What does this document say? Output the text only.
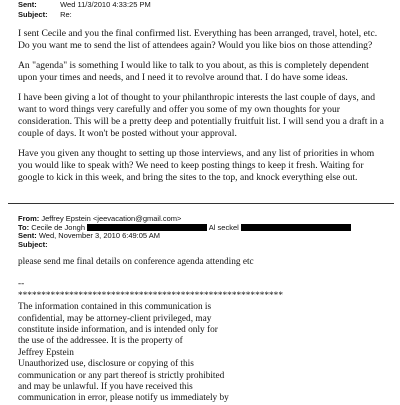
Sent:	Wed 11/3/2010 4:33:25 PM
Subject: Re:

I sent Cecile and you the final confirmed list. Everything has been arranged, travel, hotel, etc. Do you want me to send the list of attendees again? Would you like bios on those attending?

An "agenda" is something I would like to talk to you about, as this is completely dependent upon your times and needs, and I need it to revolve around that. I do have some ideas.

I have been giving a lot of thought to your philanthropic interests the last couple of days, and want to word things very carefully and offer you some of my own thoughts for your consideration. This will be a pretty deep and potentially fruitfuit list. I will send you a draft in a couple of days. It won't be posted without your approval.

Have you given any thought to setting up those interviews, and any list of priorities in whom you would like to speak with? We need to keep posting things to keep it fresh. Waiting for google to kick in this week, and bring the sites to the top, and knock everything else out.

From: Jeffrey Epstein <jeevacation@gmail.com>
To: Cecile de Jongh	Al seckel
Sent: Wed, November 3, 2010 6:49:05 AM
Subject:

please send me final details on conference agenda attending etc

--

*********************************************************

The information contained in this communication is

confidential, may be attorney-client privileged, may

constitute inside information, and is intended only for

the use of the addressee. It is the property of

Jeffrey Epstein

Unauthorized use, disclosure or copying of this

communication or any part thereof is strictly prohibited

and may be unlawful. If you have received this

communication in error, please notify us immediately by
